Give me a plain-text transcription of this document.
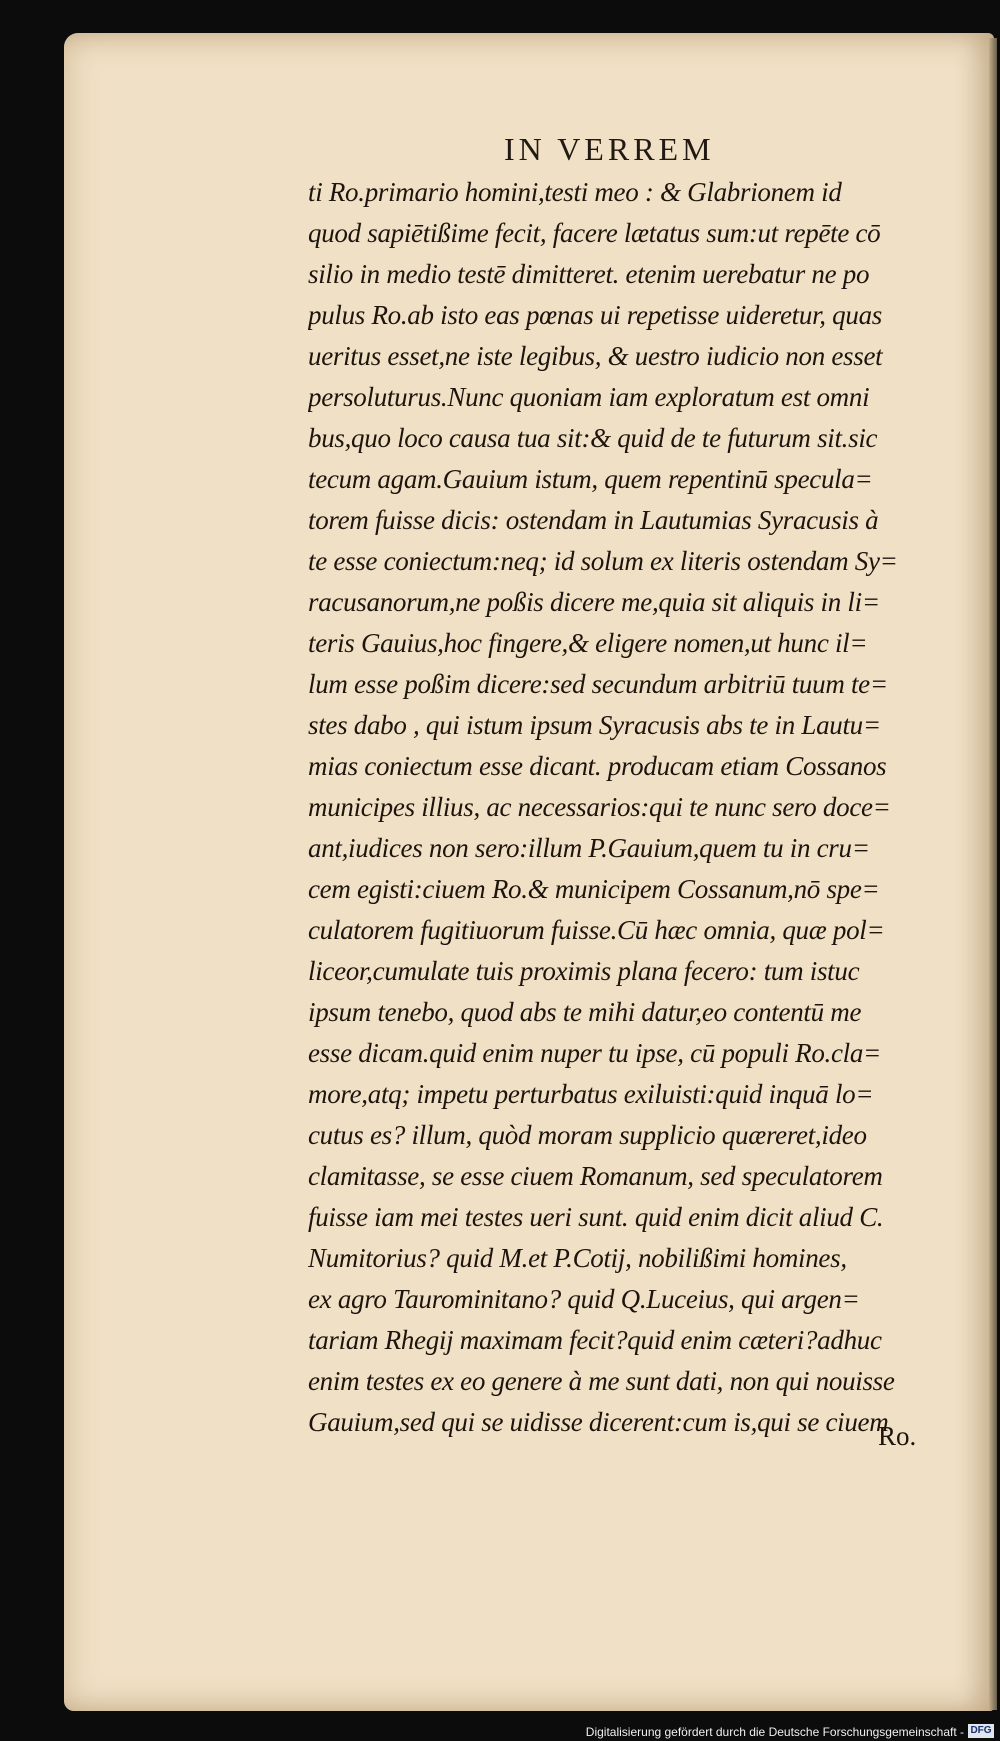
IN VERREM
ti Ro.primario homini,testi meo : & Glabrionem id
quod sapiētißime fecit, facere lætatus sum:ut repēte cō
silio in medio testē dimitteret. etenim uerebatur ne po
pulus Ro.ab isto eas pœnas ui repetisse uideretur, quas
ueritus esset,ne iste legibus, & uestro iudicio non esset
persoluturus.Nunc quoniam iam exploratum est omni
bus,quo loco causa tua sit:& quid de te futurum sit.sic
tecum agam.Gauium istum, quem repentinū specula=
torem fuisse dicis: ostendam in Lautumias Syracusis à
te esse coniectum:neq; id solum ex literis ostendam Sy=
racusanorum,ne poßis dicere me,quia sit aliquis in li=
teris Gauius,hoc fingere,& eligere nomen,ut hunc il=
lum esse poßim dicere:sed secundum arbitriū tuum te=
stes dabo , qui istum ipsum Syracusis abs te in Lautu=
mias coniectum esse dicant. producam etiam Cossanos
municipes illius, ac necessarios:qui te nunc sero doce=
ant,iudices non sero:illum P.Gauium,quem tu in cru=
cem egisti:ciuem Ro.& municipem Cossanum,nō spe=
culatorem fugitiuorum fuisse.Cū hæc omnia, quæ pol=
liceor,cumulate tuis proximis plana fecero: tum istuc
ipsum tenebo, quod abs te mihi datur,eo contentū me
esse dicam.quid enim nuper tu ipse, cū populi Ro.cla=
more,atq; impetu perturbatus exiluisti:quid inquā lo=
cutus es? illum, quòd moram supplicio quæreret,ideo
clamitasse, se esse ciuem Romanum, sed speculatorem
fuisse iam mei testes ueri sunt. quid enim dicit aliud C.
Numitorius? quid M.et P.Cotij, nobilißimi homines,
ex agro Taurominitano? quid Q.Luceius, qui argen=
tariam Rhegij maximam fecit?quid enim cæteri?adhuc
enim testes ex eo genere à me sunt dati, non qui nouisse
Gauium,sed qui se uidisse dicerent:cum is,qui se ciuem
Ro.
Digitalisierung gefördert durch die Deutsche Forschungsgemeinschaft - DFG
